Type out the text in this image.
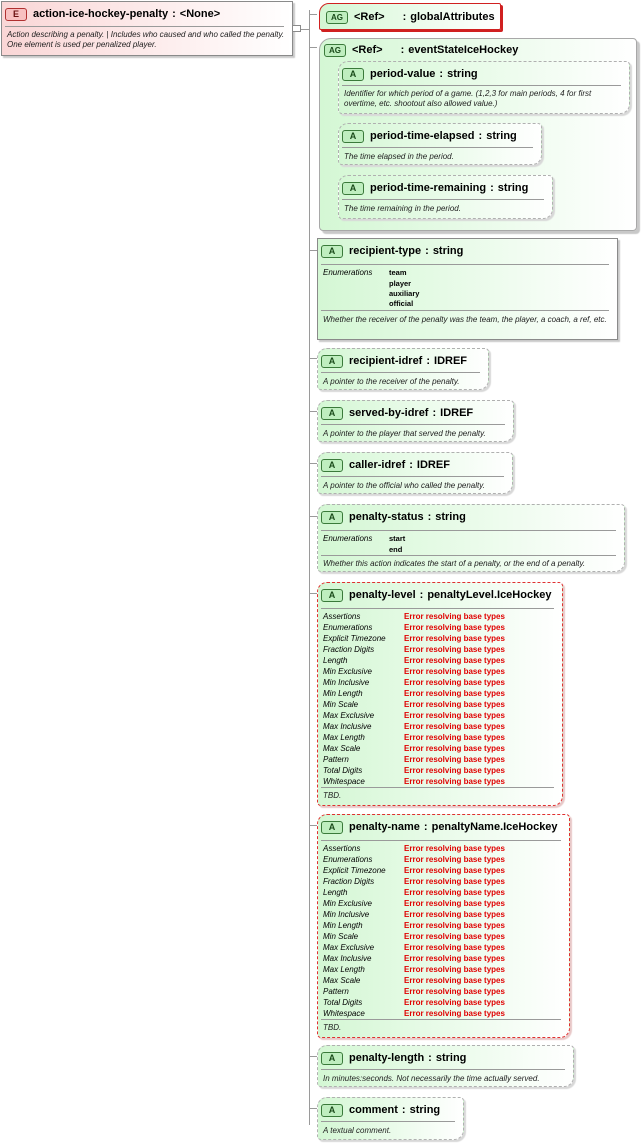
E	action-ice-hockey-penalty : <None>
Action describing a penalty. | Includes who caused and who called the penalty. One element is used per penalized player.
AG	<Ref> : globalAttributes
AG	<Ref> : eventStateIceHockey
A	period-value : string
Identifier for which period of a game. (1,2,3 for main periods, 4 for first overtime, etc. shootout also allowed value.)
A	period-time-elapsed : string
The time elapsed in the period.
A	period-time-remaining : string
The time remaining in the period.
A	recipient-type : string
Enumerations	team
player
auxiliary
official
Whether the receiver of the penalty was the team, the player, a coach, a ref, etc.
A	recipient-idref : IDREF
A pointer to the receiver of the penalty.
A	served-by-idref : IDREF
A pointer to the player that served the penalty.
A	caller-idref : IDREF
A pointer to the official who called the penalty.
A	penalty-status : string
Enumerations	start
end
Whether this action indicates the start of a penalty, or the end of a penalty.
A	penalty-level : penaltyLevel.IceHockey
Assertions	Error resolving base types
Enumerations	Error resolving base types
Explicit Timezone	Error resolving base types
Fraction Digits	Error resolving base types
Length	Error resolving base types
Min Exclusive	Error resolving base types
Min Inclusive	Error resolving base types
Min Length	Error resolving base types
Min Scale	Error resolving base types
Max Exclusive	Error resolving base types
Max Inclusive	Error resolving base types
Max Length	Error resolving base types
Max Scale	Error resolving base types
Pattern	Error resolving base types
Total Digits	Error resolving base types
Whitespace	Error resolving base types
TBD.
A	penalty-name : penaltyName.IceHockey
Assertions	Error resolving base types
Enumerations	Error resolving base types
Explicit Timezone	Error resolving base types
Fraction Digits	Error resolving base types
Length	Error resolving base types
Min Exclusive	Error resolving base types
Min Inclusive	Error resolving base types
Min Length	Error resolving base types
Min Scale	Error resolving base types
Max Exclusive	Error resolving base types
Max Inclusive	Error resolving base types
Max Length	Error resolving base types
Max Scale	Error resolving base types
Pattern	Error resolving base types
Total Digits	Error resolving base types
Whitespace	Error resolving base types
TBD.
A	penalty-length : string
In minutes:seconds. Not necessarily the time actually served.
A	comment : string
A textual comment.
